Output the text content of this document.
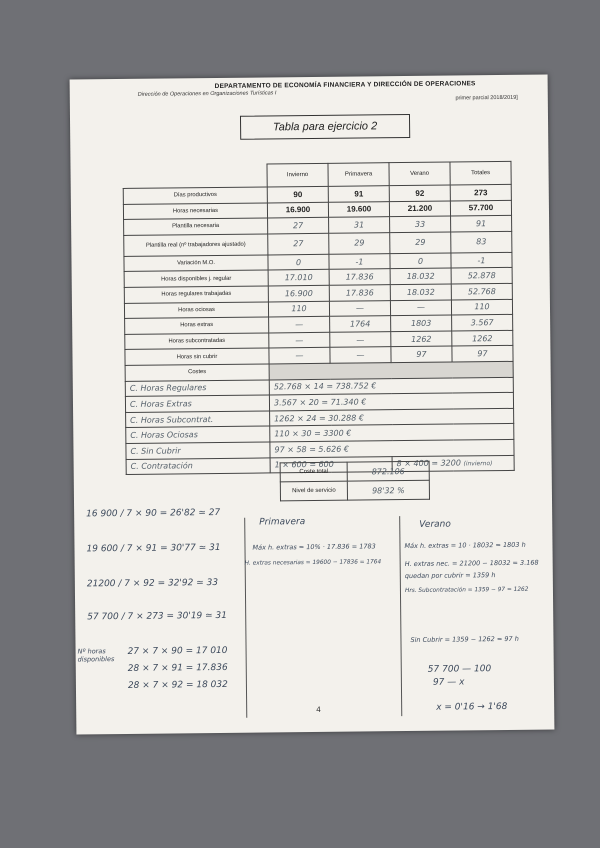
DEPARTAMENTO DE ECONOMÍA FINANCIERA Y DIRECCIÓN DE OPERACIONES
Dirección de Operaciones en Organizaciones Turísticas I
primer parcial 2018/2019]
Tabla para ejercicio 2
	Invierno	Primavera	Verano	Totales
Días productivos	90	91	92	273
Horas necesarias	16.900	19.600	21.200	57.700
Plantilla necesaria	27	31	33	91
Plantilla real (nº trabajadores ajustado)	27	29	29	83
Variación M.O.	0	-1	0	-1
Horas disponibles j. regular	17.010	17.836	18.032	52.878
Horas regulares trabajadas	16.900	17.836	18.032	52.768
Horas ociosas	110	—	—	110
Horas extras	—	1764	1803	3.567
Horas subcontratadas	—	—	1262	1262
Horas sin cubrir	—	—	97	97
Costes				
C. Horas Regulares	52.768 × 14 = 738.752 €			
C. Horas Extras	3.567 × 20 = 71.340 €			
C. Horas Subcontrat.	1262 × 24 = 30.288 €			
C. Horas Ociosas	110 × 30 = 3300 €			
C. Sin Cubrir	97 × 58 = 5.626 €			
C. Contratación	1 × 600 = 600		8 × 400 = 3200 (invierno)	
Coste total	872.106
Nivel de servicio	98'32 %
16 900 / 7 × 90 = 26'82 ≃ 27
19 600 / 7 × 91 = 30'77 ≃ 31
21200 / 7 × 92 = 32'92 ≃ 33
57 700 / 7 × 273 = 30'19 ≃ 31
Nº horas disponibles
27 × 7 × 90 = 17 010
28 × 7 × 91 = 17.836
28 × 7 × 92 = 18 032
Primavera
Máx h. extras = 10% · 17.836 = 1783
H. extras necesarias = 19600 − 17836 = 1764
Verano
Máx h. extras = 10 · 18032 = 1803 h
H. extras nec. = 21200 − 18032 = 3.168
quedan por cubrir = 1359 h
Hrs. Subcontratación = 1359 − 97 = 1262
Sin Cubrir = 1359 − 1262 = 97 h
57 700 — 100
97 — x
x = 0'16 → 1'68
4
